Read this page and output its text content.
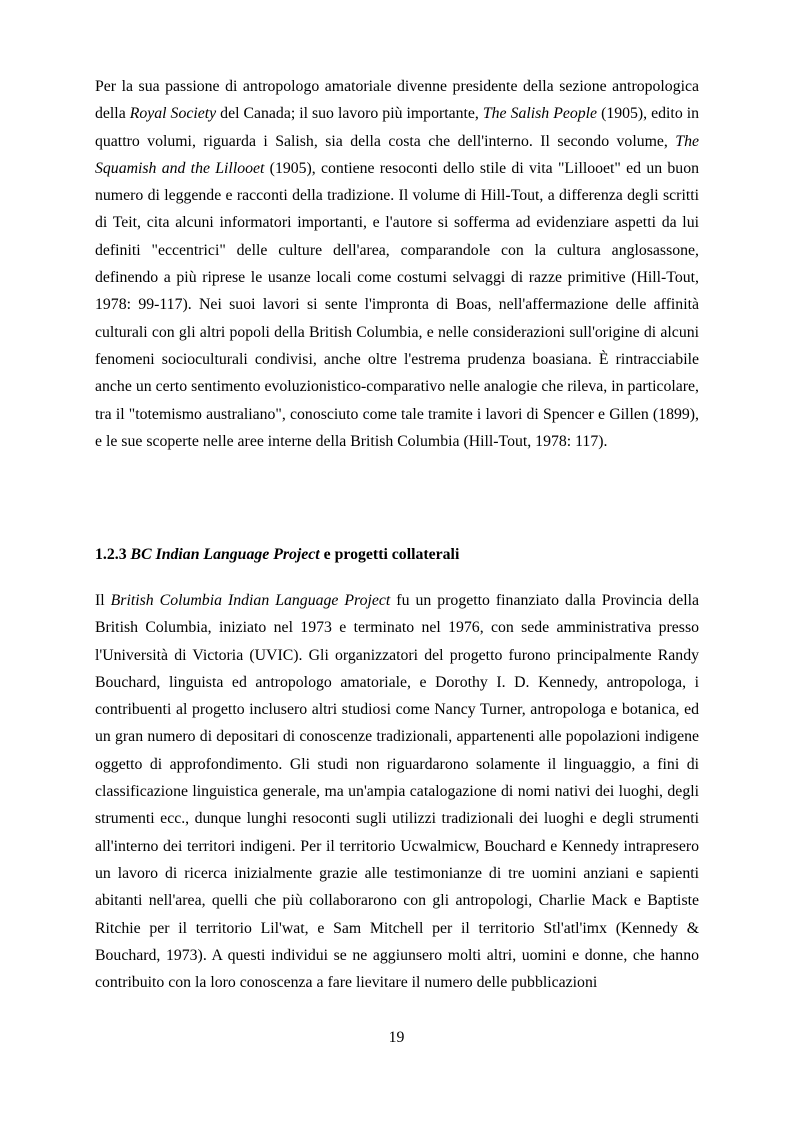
Per la sua passione di antropologo amatoriale divenne presidente della sezione antropologica della Royal Society del Canada; il suo lavoro più importante, The Salish People (1905), edito in quattro volumi, riguarda i Salish, sia della costa che dell'interno. Il secondo volume, The Squamish and the Lillooet (1905), contiene resoconti dello stile di vita "Lillooet" ed un buon numero di leggende e racconti della tradizione. Il volume di Hill-Tout, a differenza degli scritti di Teit, cita alcuni informatori importanti, e l'autore si sofferma ad evidenziare aspetti da lui definiti "eccentrici" delle culture dell'area, comparandole con la cultura anglosassone, definendo a più riprese le usanze locali come costumi selvaggi di razze primitive (Hill-Tout, 1978: 99-117). Nei suoi lavori si sente l'impronta di Boas, nell'affermazione delle affinità culturali con gli altri popoli della British Columbia, e nelle considerazioni sull'origine di alcuni fenomeni socioculturali condivisi, anche oltre l'estrema prudenza boasiana. È rintracciabile anche un certo sentimento evoluzionistico-comparativo nelle analogie che rileva, in particolare, tra il "totemismo australiano", conosciuto come tale tramite i lavori di Spencer e Gillen (1899), e le sue scoperte nelle aree interne della British Columbia (Hill-Tout, 1978: 117).

1.2.3 BC Indian Language Project e progetti collaterali

Il British Columbia Indian Language Project fu un progetto finanziato dalla Provincia della British Columbia, iniziato nel 1973 e terminato nel 1976, con sede amministrativa presso l'Università di Victoria (UVIC). Gli organizzatori del progetto furono principalmente Randy Bouchard, linguista ed antropologo amatoriale, e Dorothy I. D. Kennedy, antropologa, i contribuenti al progetto inclusero altri studiosi come Nancy Turner, antropologa e botanica, ed un gran numero di depositari di conoscenze tradizionali, appartenenti alle popolazioni indigene oggetto di approfondimento. Gli studi non riguardarono solamente il linguaggio, a fini di classificazione linguistica generale, ma un'ampia catalogazione di nomi nativi dei luoghi, degli strumenti ecc., dunque lunghi resoconti sugli utilizzi tradizionali dei luoghi e degli strumenti all'interno dei territori indigeni. Per il territorio Ucwalmicw, Bouchard e Kennedy intrapresero un lavoro di ricerca inizialmente grazie alle testimonianze di tre uomini anziani e sapienti abitanti nell'area, quelli che più collaborarono con gli antropologi, Charlie Mack e Baptiste Ritchie per il territorio Lil'wat, e Sam Mitchell per il territorio Stl'atl'imx (Kennedy & Bouchard, 1973). A questi individui se ne aggiunsero molti altri, uomini e donne, che hanno contribuito con la loro conoscenza a fare lievitare il numero delle pubblicazioni

19
